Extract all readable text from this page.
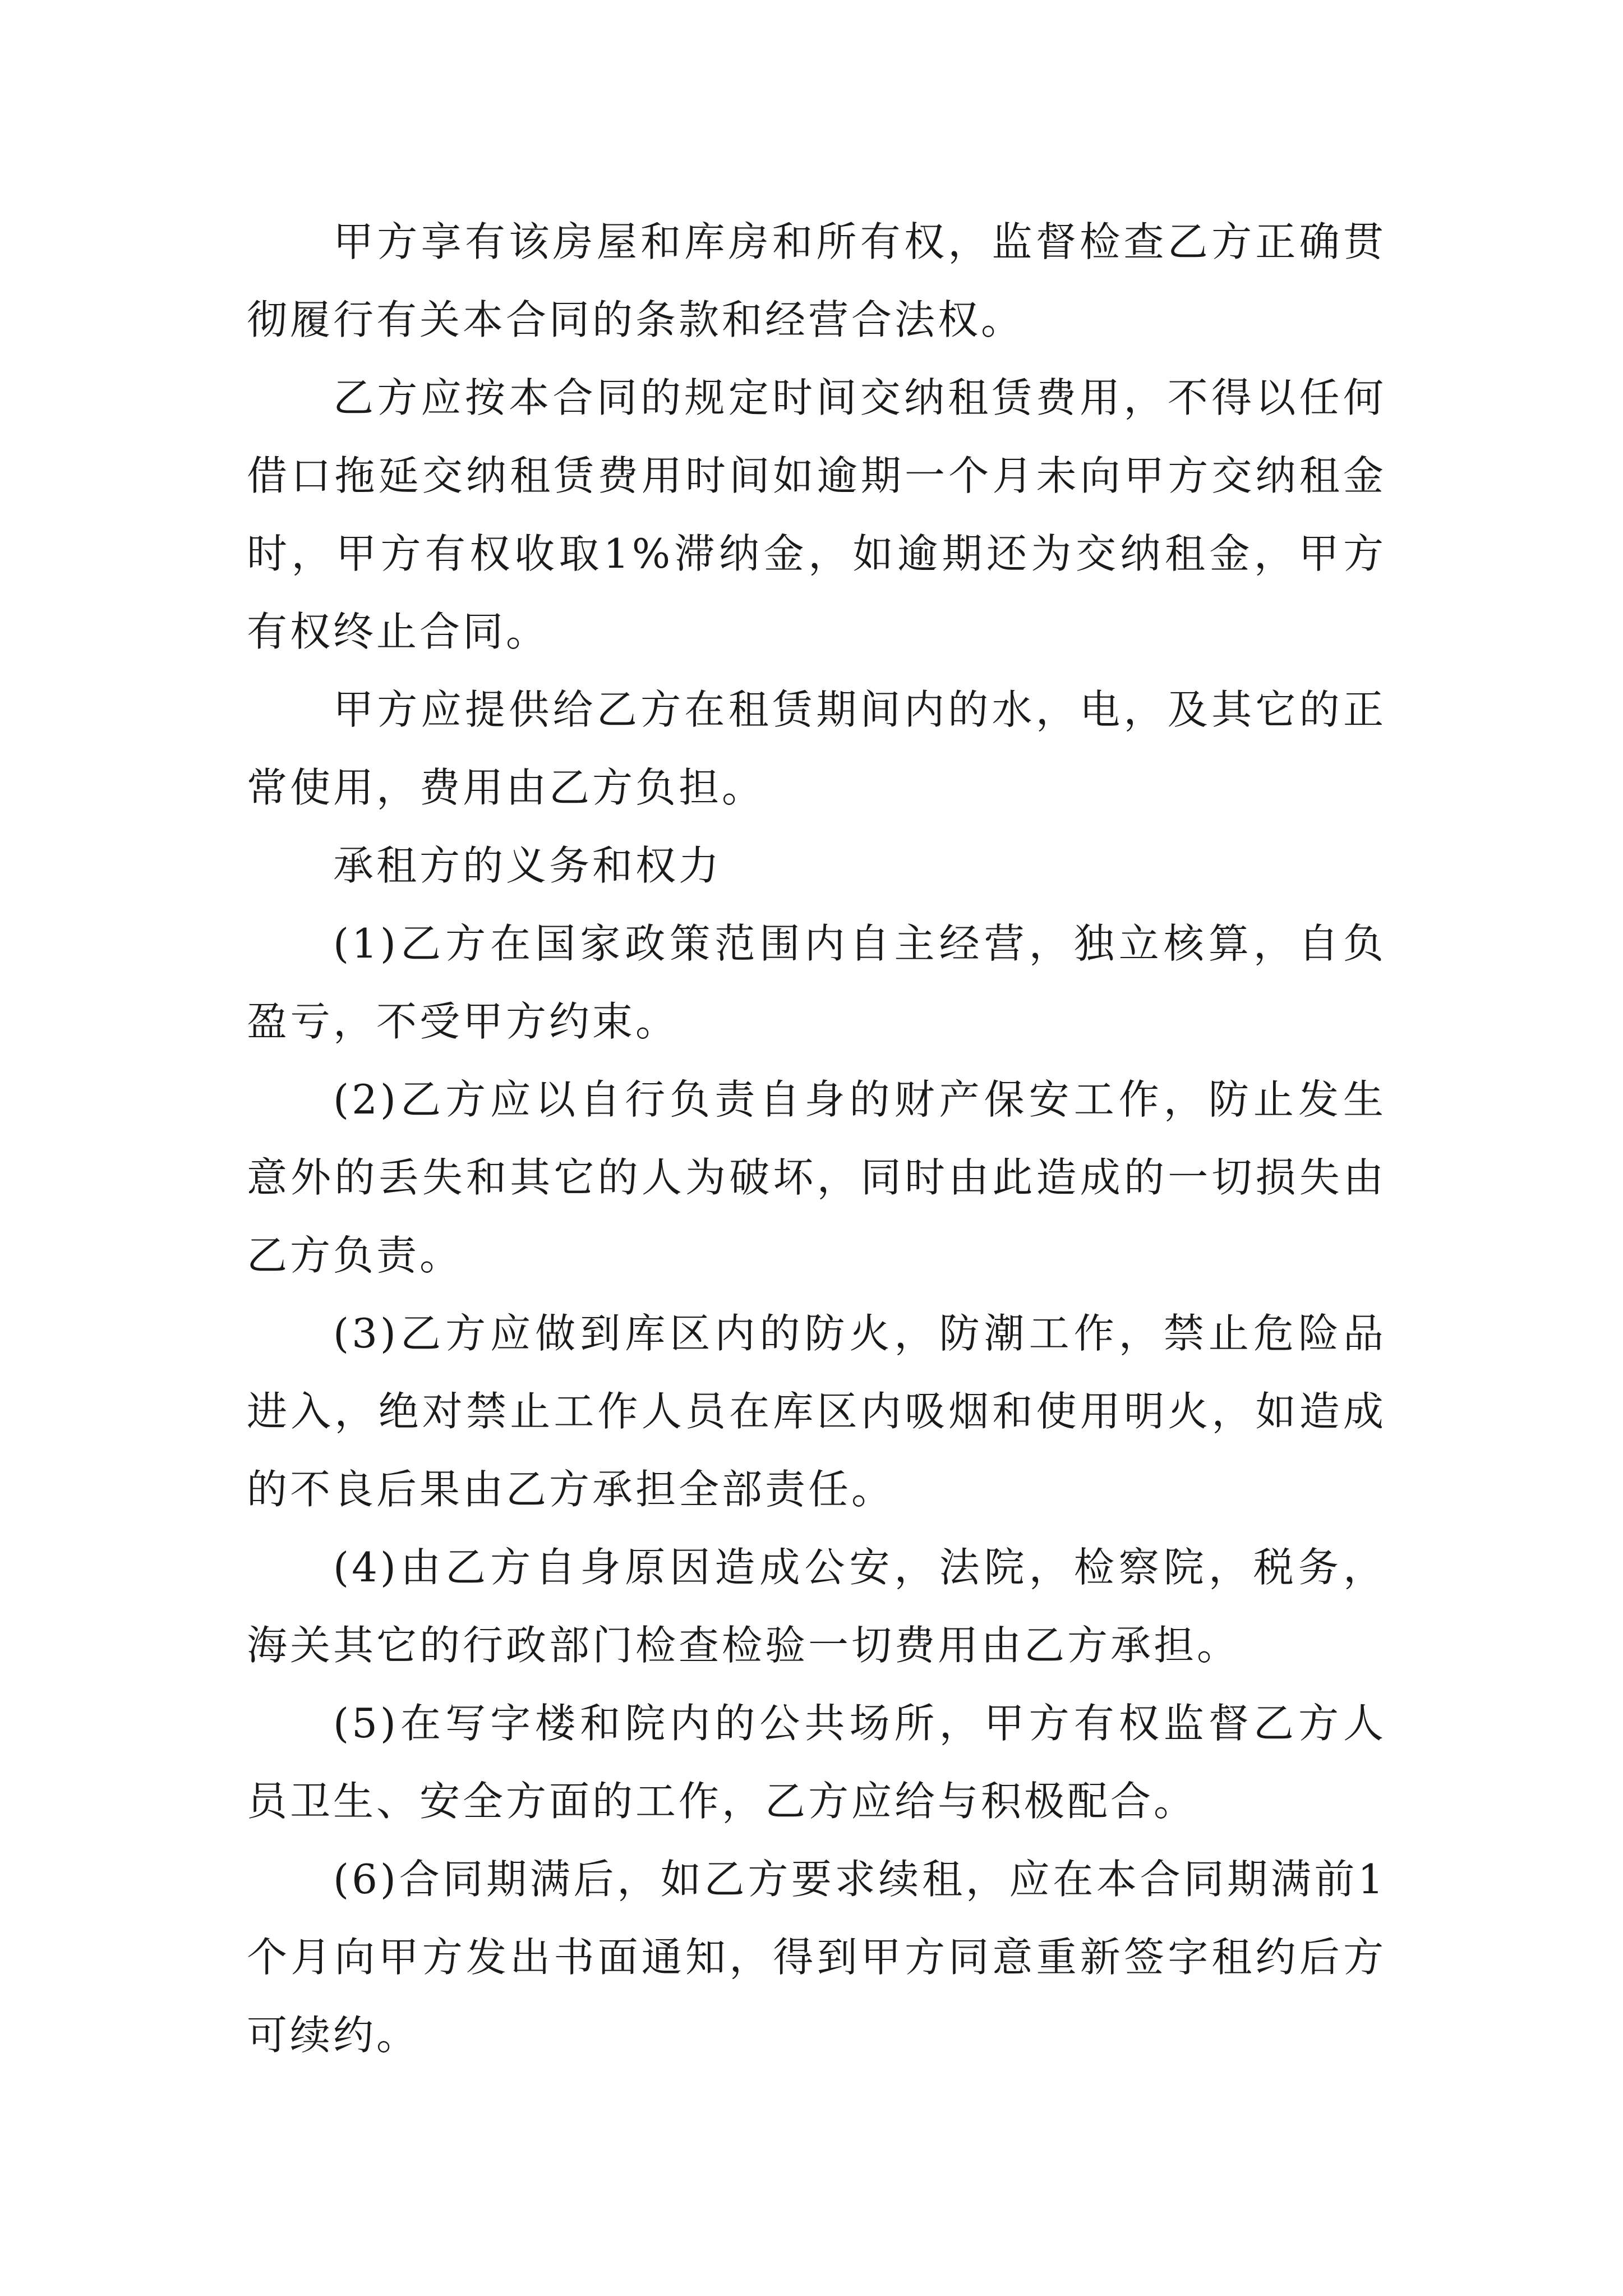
甲方享有该房屋和库房和所有权，监督检查乙方正确贯彻履行有关本合同的条款和经营合法权。

乙方应按本合同的规定时间交纳租赁费用，不得以任何借口拖延交纳租赁费用时间如逾期一个月未向甲方交纳租金时，甲方有权收取1%滞纳金，如逾期还为交纳租金，甲方有权终止合同。

甲方应提供给乙方在租赁期间内的水，电，及其它的正常使用，费用由乙方负担。

承租方的义务和权力

(1)乙方在国家政策范围内自主经营，独立核算，自负盈亏，不受甲方约束。

(2)乙方应以自行负责自身的财产保安工作，防止发生意外的丢失和其它的人为破坏，同时由此造成的一切损失由乙方负责。

(3)乙方应做到库区内的防火，防潮工作，禁止危险品进入，绝对禁止工作人员在库区内吸烟和使用明火，如造成的不良后果由乙方承担全部责任。

(4)由乙方自身原因造成公安，法院，检察院，税务，海关其它的行政部门检查检验一切费用由乙方承担。

(5)在写字楼和院内的公共场所，甲方有权监督乙方人员卫生、安全方面的工作，乙方应给与积极配合。

(6)合同期满后，如乙方要求续租，应在本合同期满前1个月向甲方发出书面通知，得到甲方同意重新签字租约后方可续约。
